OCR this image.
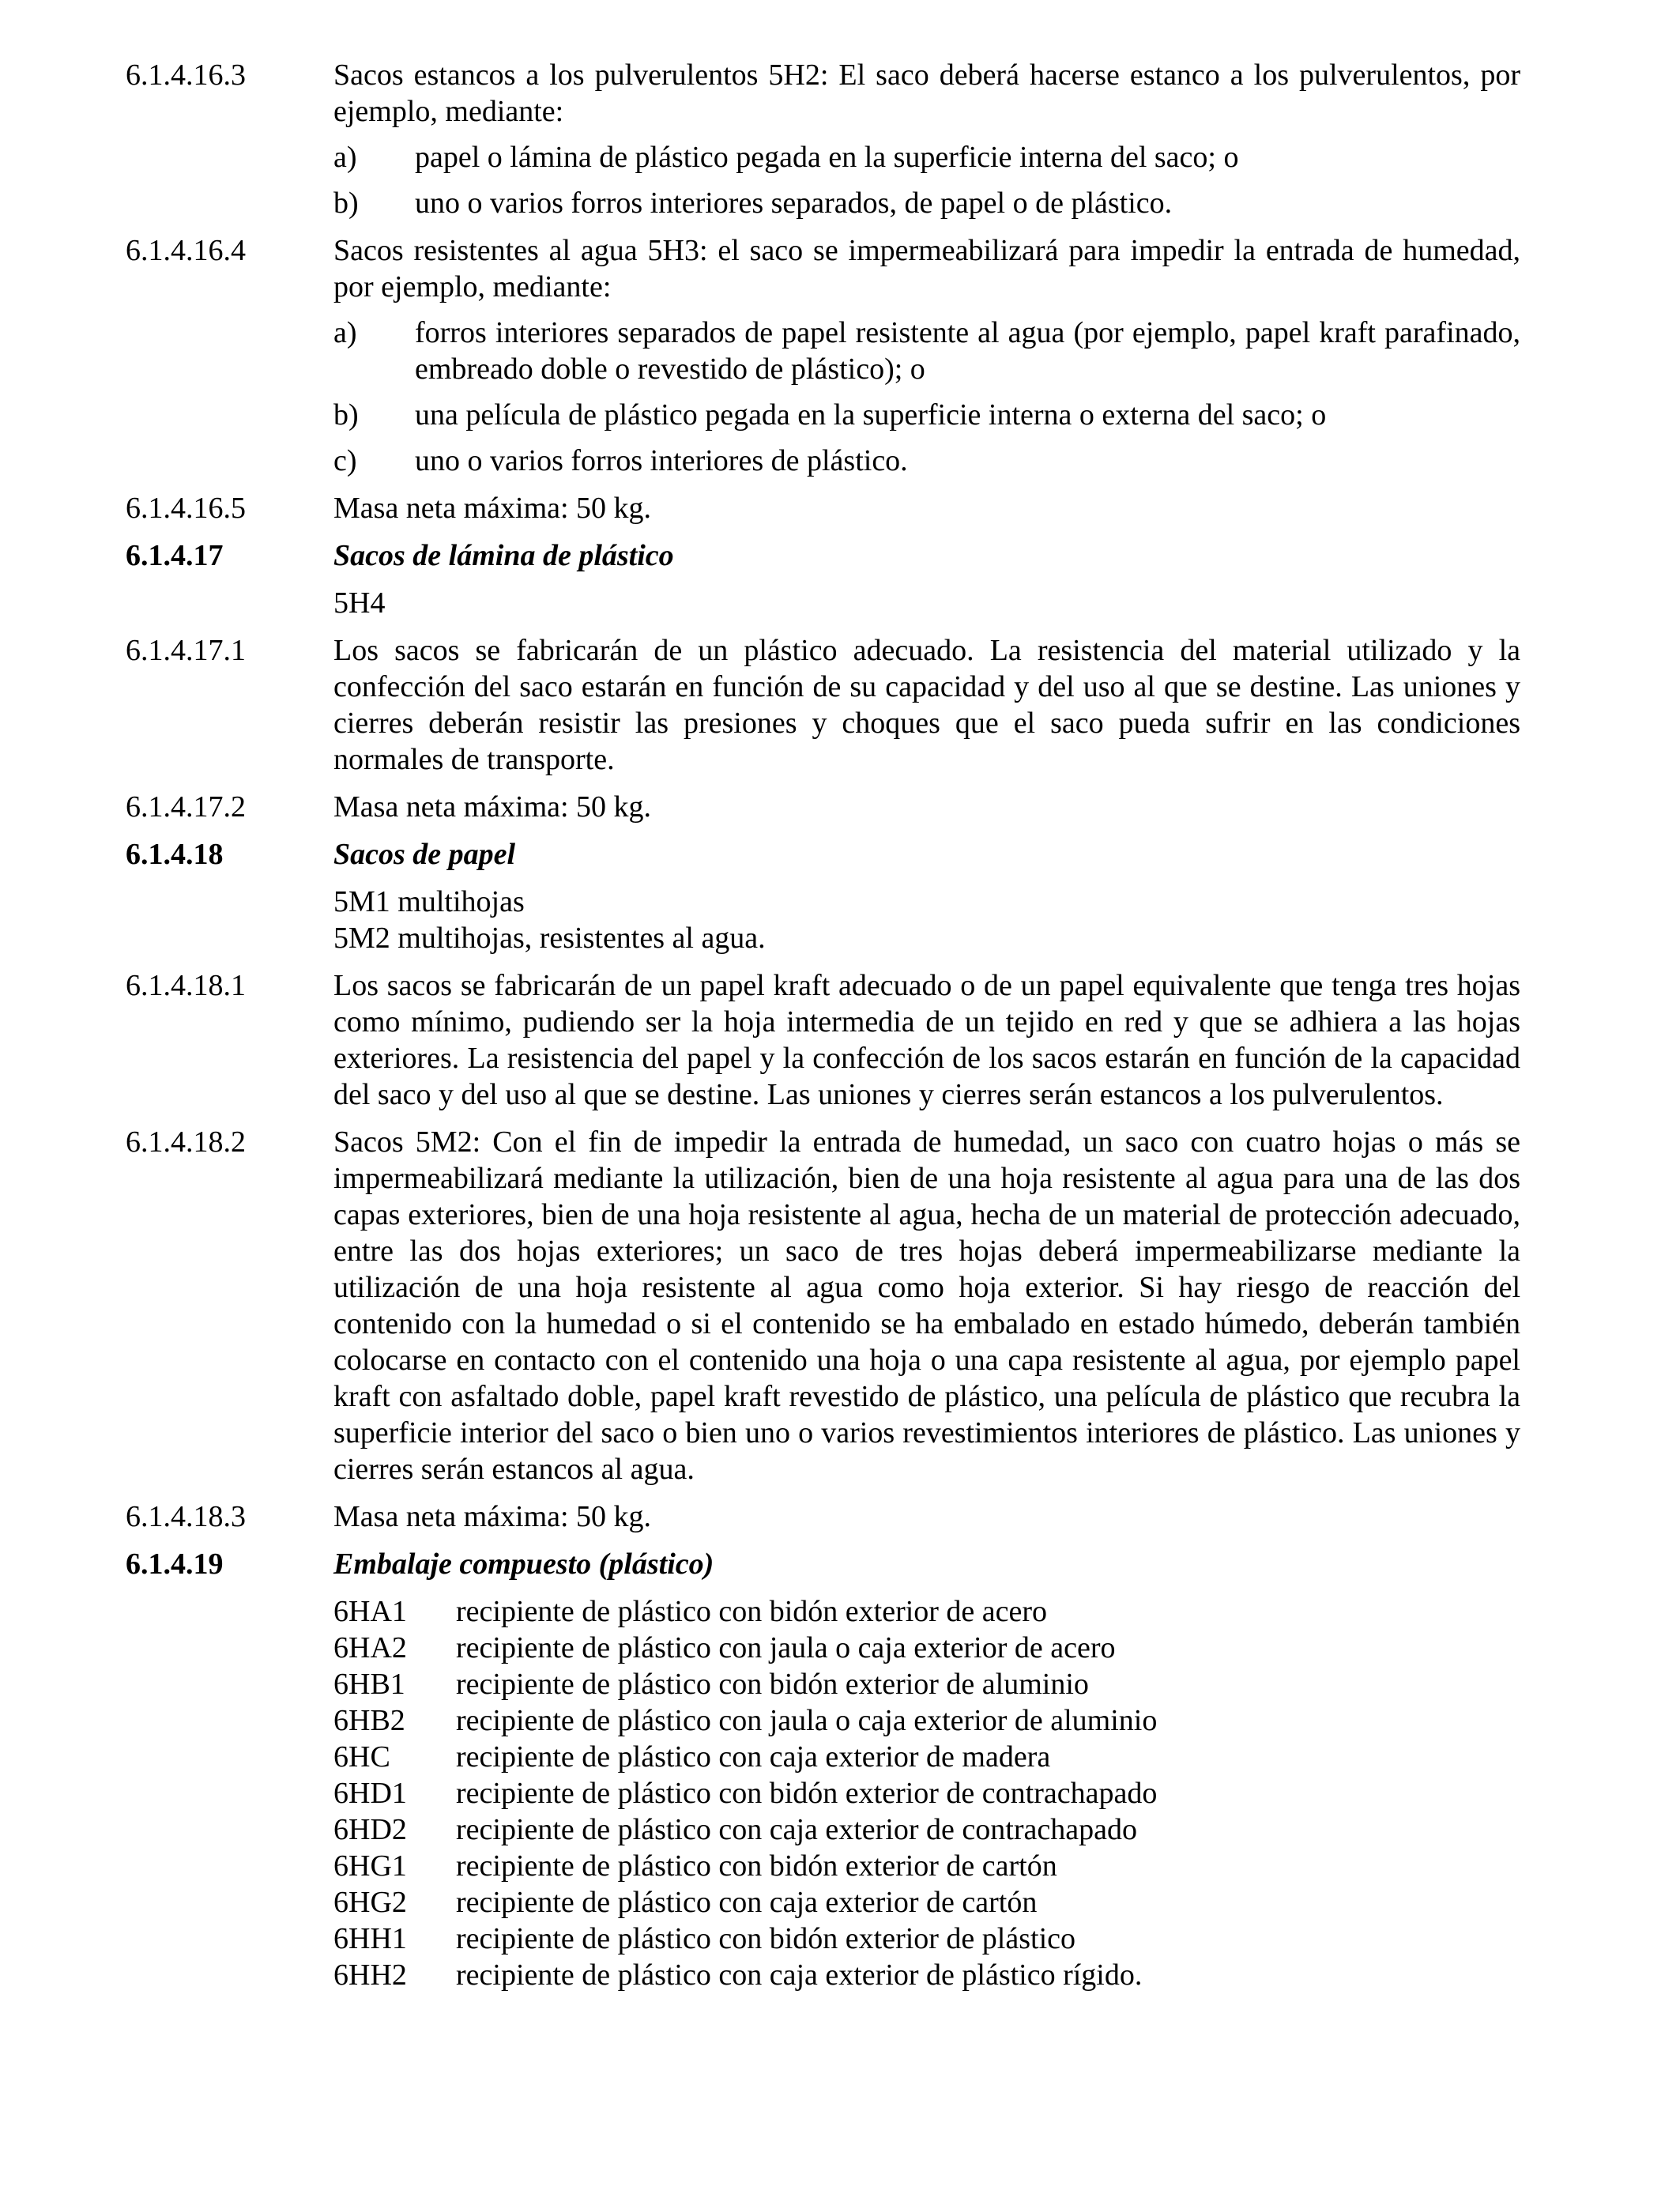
6.1.4.16.3	Sacos estancos a los pulverulentos 5H2: El saco deberá hacerse estanco a los pulverulentos, por ejemplo, mediante:

a)	papel o lámina de plástico pegada en la superficie interna del saco; o
b)	uno o varios forros interiores separados, de papel o de plástico.
6.1.4.16.4	Sacos resistentes al agua 5H3: el saco se impermeabilizará para impedir la entrada de humedad, por ejemplo, mediante:

a)	forros interiores separados de papel resistente al agua (por ejemplo, papel kraft parafinado, embreado doble o revestido de plástico); o
b)	una película de plástico pegada en la superficie interna o externa del saco; o
c)	uno o varios forros interiores de plástico.
6.1.4.16.5	Masa neta máxima: 50 kg.

6.1.4.17	Sacos de lámina de plástico

5H4

6.1.4.17.1	Los sacos se fabricarán de un plástico adecuado. La resistencia del material utilizado y la confección del saco estarán en función de su capacidad y del uso al que se destine. Las uniones y cierres deberán resistir las presiones y choques que el saco pueda sufrir en las condiciones normales de transporte.

6.1.4.17.2	Masa neta máxima: 50 kg.

6.1.4.18	Sacos de papel

5M1 multihojas
5M2 multihojas, resistentes al agua.
6.1.4.18.1	Los sacos se fabricarán de un papel kraft adecuado o de un papel equivalente que tenga tres hojas como mínimo, pudiendo ser la hoja intermedia de un tejido en red y que se adhiera a las hojas exteriores. La resistencia del papel y la confección de los sacos estarán en función de la capacidad del saco y del uso al que se destine. Las uniones y cierres serán estancos a los pulverulentos.

6.1.4.18.2	Sacos 5M2: Con el fin de impedir la entrada de humedad, un saco con cuatro hojas o más se impermeabilizará mediante la utilización, bien de una hoja resistente al agua para una de las dos capas exteriores, bien de una hoja resistente al agua, hecha de un material de protección adecuado, entre las dos hojas exteriores; un saco de tres hojas deberá impermeabilizarse mediante la utilización de una hoja resistente al agua como hoja exterior. Si hay riesgo de reacción del contenido con la humedad o si el contenido se ha embalado en estado húmedo, deberán también colocarse en contacto con el contenido una hoja o una capa resistente al agua, por ejemplo papel kraft con asfaltado doble, papel kraft revestido de plástico, una película de plástico que recubra la superficie interior del saco o bien uno o varios revestimientos interiores de plástico. Las uniones y cierres serán estancos al agua.

6.1.4.18.3	Masa neta máxima: 50 kg.

6.1.4.19	Embalaje compuesto (plástico)

6HA1	recipiente de plástico con bidón exterior de acero
6HA2	recipiente de plástico con jaula o caja exterior de acero
6HB1	recipiente de plástico con bidón exterior de aluminio
6HB2	recipiente de plástico con jaula o caja exterior de aluminio
6HC	recipiente de plástico con caja exterior de madera
6HD1	recipiente de plástico con bidón exterior de contrachapado
6HD2	recipiente de plástico con caja exterior de contrachapado
6HG1	recipiente de plástico con bidón exterior de cartón
6HG2	recipiente de plástico con caja exterior de cartón
6HH1	recipiente de plástico con bidón exterior de plástico
6HH2	recipiente de plástico con caja exterior de plástico rígido.
